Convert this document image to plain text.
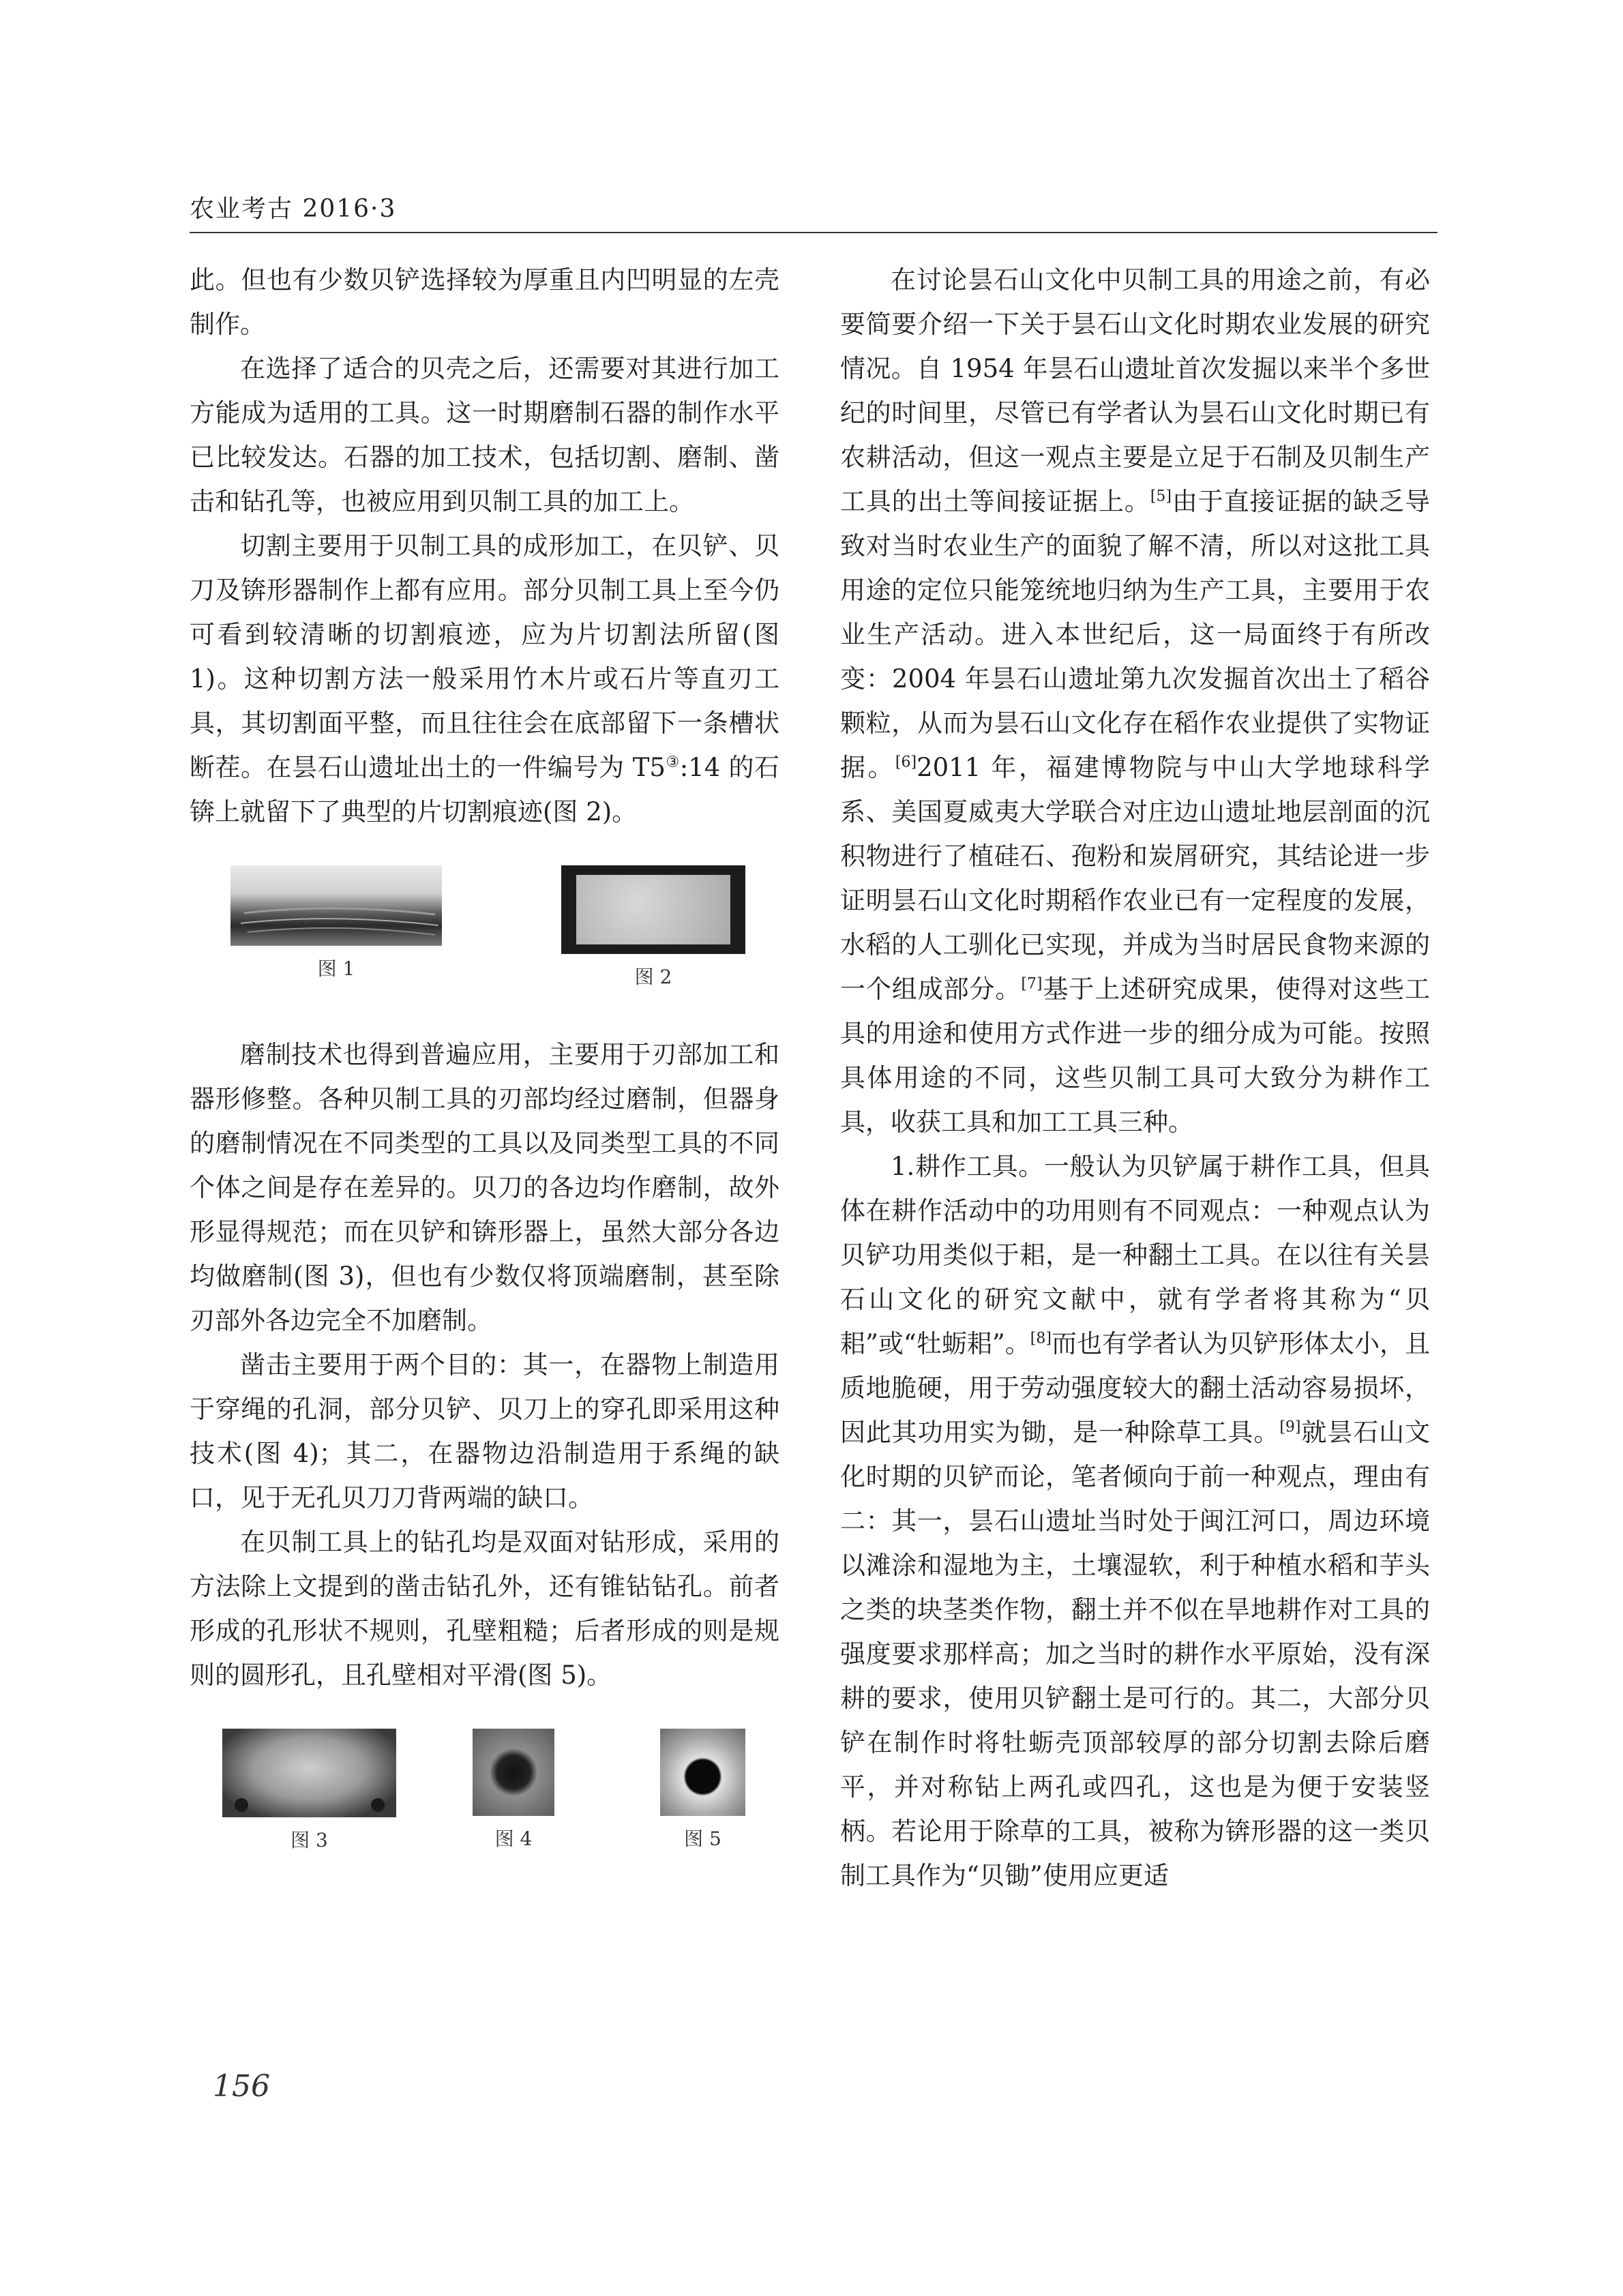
农业考古 2016·3

此。但也有少数贝铲选择较为厚重且内凹明显的左壳制作。

在选择了适合的贝壳之后，还需要对其进行加工方能成为适用的工具。这一时期磨制石器的制作水平已比较发达。石器的加工技术，包括切割、磨制、凿击和钻孔等，也被应用到贝制工具的加工上。

切割主要用于贝制工具的成形加工，在贝铲、贝刀及锛形器制作上都有应用。部分贝制工具上至今仍可看到较清晰的切割痕迹，应为片切割法所留(图 1)。这种切割方法一般采用竹木片或石片等直刃工具，其切割面平整，而且往往会在底部留下一条槽状断茬。在昙石山遗址出土的一件编号为 T5③:14 的石锛上就留下了典型的片切割痕迹(图 2)。

图 1	图 2

磨制技术也得到普遍应用，主要用于刃部加工和器形修整。各种贝制工具的刃部均经过磨制，但器身的磨制情况在不同类型的工具以及同类型工具的不同个体之间是存在差异的。贝刀的各边均作磨制，故外形显得规范；而在贝铲和锛形器上，虽然大部分各边均做磨制(图 3)，但也有少数仅将顶端磨制，甚至除刃部外各边完全不加磨制。

凿击主要用于两个目的：其一，在器物上制造用于穿绳的孔洞，部分贝铲、贝刀上的穿孔即采用这种技术(图 4)；其二，在器物边沿制造用于系绳的缺口，见于无孔贝刀刀背两端的缺口。

在贝制工具上的钻孔均是双面对钻形成，采用的方法除上文提到的凿击钻孔外，还有锥钻钻孔。前者形成的孔形状不规则，孔壁粗糙；后者形成的则是规则的圆形孔，且孔壁相对平滑(图 5)。

图 3	图 4	图 5

在讨论昙石山文化中贝制工具的用途之前，有必要简要介绍一下关于昙石山文化时期农业发展的研究情况。自 1954 年昙石山遗址首次发掘以来半个多世纪的时间里，尽管已有学者认为昙石山文化时期已有农耕活动，但这一观点主要是立足于石制及贝制生产工具的出土等间接证据上。[5]由于直接证据的缺乏导致对当时农业生产的面貌了解不清，所以对这批工具用途的定位只能笼统地归纳为生产工具，主要用于农业生产活动。进入本世纪后，这一局面终于有所改变：2004 年昙石山遗址第九次发掘首次出土了稻谷颗粒，从而为昙石山文化存在稻作农业提供了实物证据。[6]2011 年，福建博物院与中山大学地球科学系、美国夏威夷大学联合对庄边山遗址地层剖面的沉积物进行了植硅石、孢粉和炭屑研究，其结论进一步证明昙石山文化时期稻作农业已有一定程度的发展，水稻的人工驯化已实现，并成为当时居民食物来源的一个组成部分。[7]基于上述研究成果，使得对这些工具的用途和使用方式作进一步的细分成为可能。按照具体用途的不同，这些贝制工具可大致分为耕作工具，收获工具和加工工具三种。

1.耕作工具。一般认为贝铲属于耕作工具，但具体在耕作活动中的功用则有不同观点：一种观点认为贝铲功用类似于耜，是一种翻土工具。在以往有关昙石山文化的研究文献中，就有学者将其称为“贝耜”或“牡蛎耜”。[8]而也有学者认为贝铲形体太小，且质地脆硬，用于劳动强度较大的翻土活动容易损坏，因此其功用实为锄，是一种除草工具。[9]就昙石山文化时期的贝铲而论，笔者倾向于前一种观点，理由有二：其一，昙石山遗址当时处于闽江河口，周边环境以滩涂和湿地为主，土壤湿软，利于种植水稻和芋头之类的块茎类作物，翻土并不似在旱地耕作对工具的强度要求那样高；加之当时的耕作水平原始，没有深耕的要求，使用贝铲翻土是可行的。其二，大部分贝铲在制作时将牡蛎壳顶部较厚的部分切割去除后磨平，并对称钻上两孔或四孔，这也是为便于安装竖柄。若论用于除草的工具，被称为锛形器的这一类贝制工具作为“贝锄”使用应更适

156
